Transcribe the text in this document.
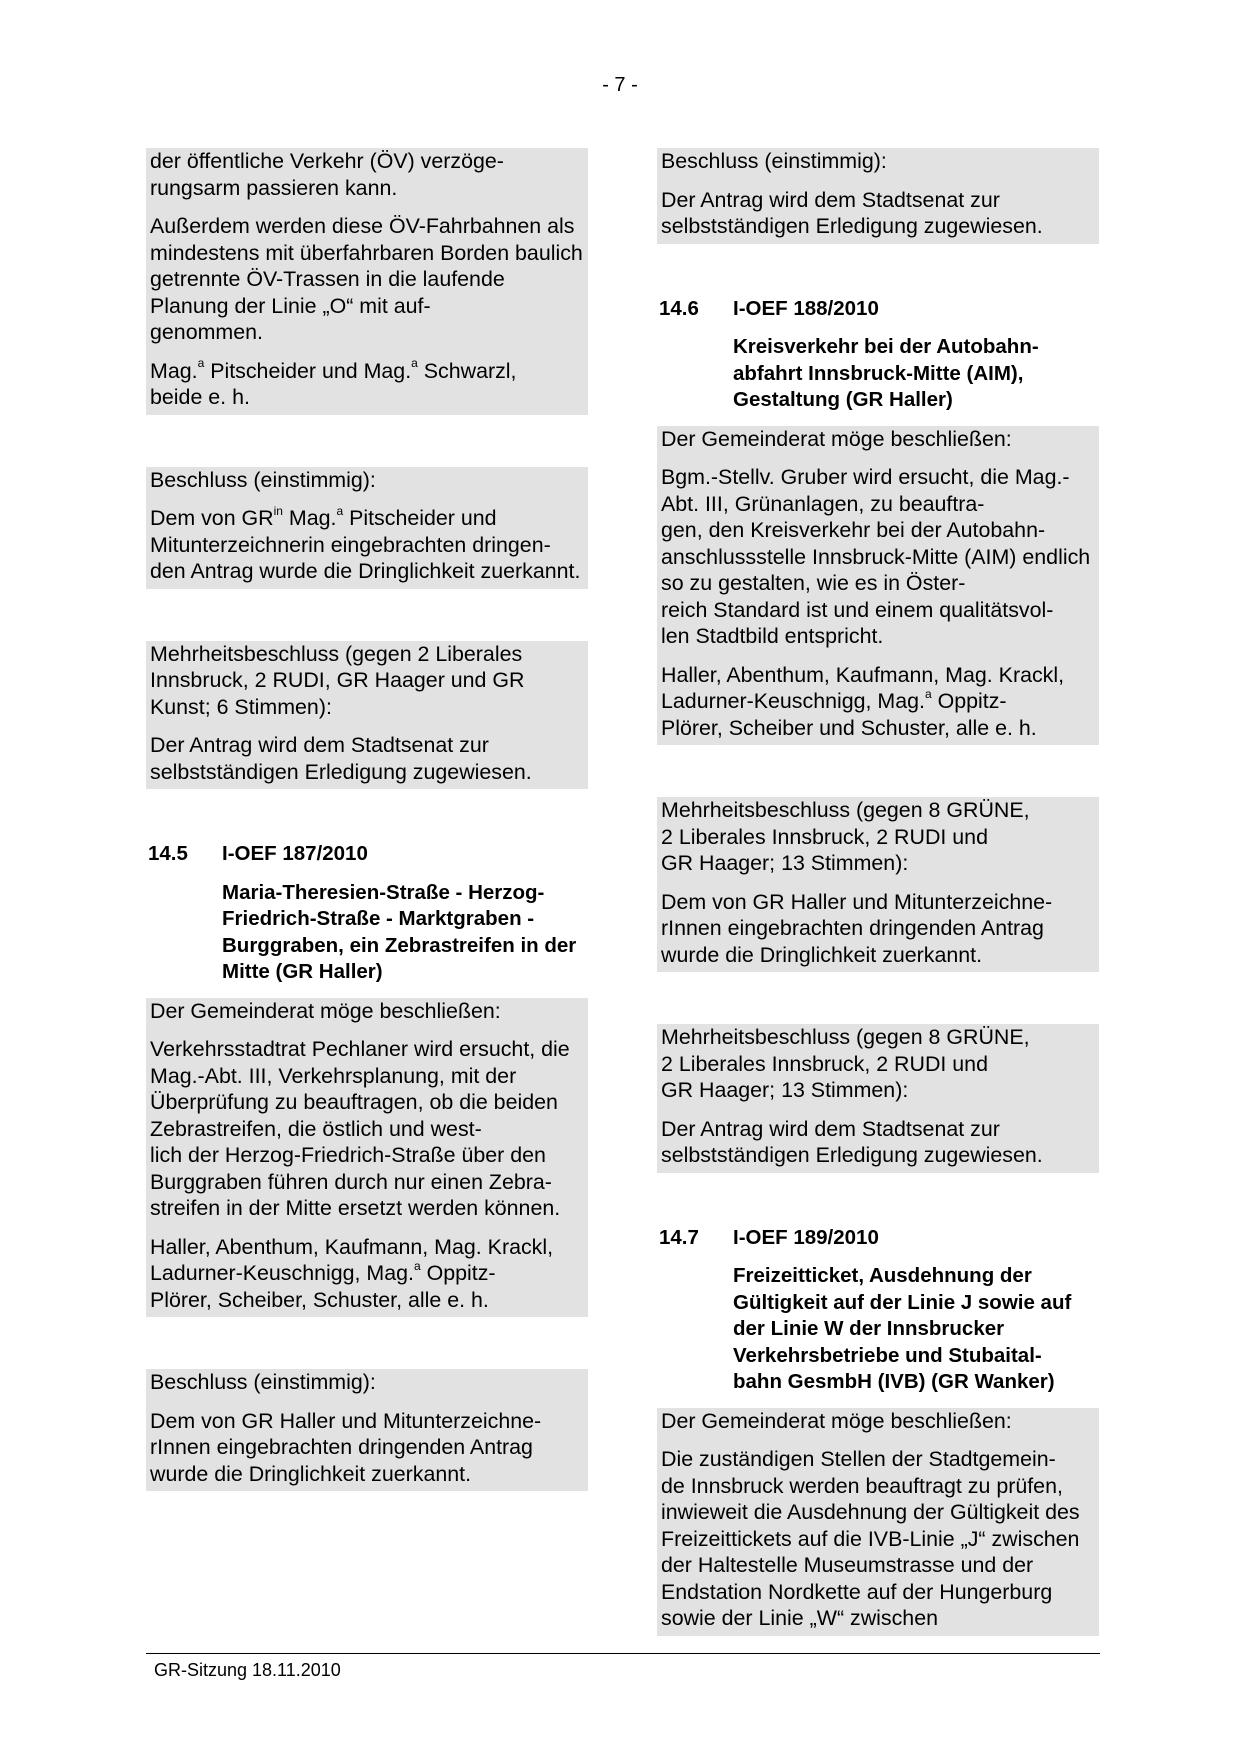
- 7 -

der öffentliche Verkehr (ÖV) verzöge-
rungsarm passieren kann.

Außerdem werden diese ÖV-Fahrbahnen als mindestens mit überfahrbaren Borden baulich getrennte ÖV-Trassen in die laufende Planung der Linie „O“ mit auf-
genommen.

Mag.$^a$ Pitscheider und Mag.$^a$ Schwarzl,
beide e. h.

Beschluss (einstimmig):

Dem von $GR^{in}$ Mag.$^a$ Pitscheider und Mitunterzeichnerin eingebrachten dringen-
den Antrag wurde die Dringlichkeit zuerkannt.

Mehrheitsbeschluss (gegen 2 Liberales Innsbruck, 2 RUDI, GR Haager und GR Kunst; 6 Stimmen):

Der Antrag wird dem Stadtsenat zur selbstständigen Erledigung zugewiesen.

14.5 I-OEF 187/2010
Maria-Theresien-Straße - Herzog-Friedrich-Straße - Marktgraben - Burggraben, ein Zebrastreifen in der Mitte (GR Haller)

Der Gemeinderat möge beschließen:

Verkehrsstadtrat Pechlaner wird ersucht, die Mag.-Abt. III, Verkehrsplanung, mit der Überprüfung zu beauftragen, ob die beiden Zebrastreifen, die östlich und west-
lich der Herzog-Friedrich-Straße über den Burggraben führen durch nur einen Zebra-
streifen in der Mitte ersetzt werden können.

Haller, Abenthum, Kaufmann, Mag. Krackl, Ladurner-Keuschnigg, Mag.$^a$ Oppitz-
Plörer, Scheiber, Schuster, alle e. h.

Beschluss (einstimmig):

Dem von GR Haller und Mitunterzeichne-
rInnen eingebrachten dringenden Antrag wurde die Dringlichkeit zuerkannt.

Beschluss (einstimmig):

Der Antrag wird dem Stadtsenat zur selbstständigen Erledigung zugewiesen.

14.6 I-OEF 188/2010
Kreisverkehr bei der Autobahn-
abfahrt Innsbruck-Mitte (AIM), Gestaltung (GR Haller)

Der Gemeinderat möge beschließen:

Bgm.-Stellv. Gruber wird ersucht, die Mag.-Abt. III, Grünanlagen, zu beauftra-
gen, den Kreisverkehr bei der Autobahn-
anschlussstelle Innsbruck-Mitte (AIM) endlich so zu gestalten, wie es in Öster-
reich Standard ist und einem qualitätsvol-
len Stadtbild entspricht.

Haller, Abenthum, Kaufmann, Mag. Krackl, Ladurner-Keuschnigg, Mag.$^a$ Oppitz-
Plörer, Scheiber und Schuster, alle e. h.

Mehrheitsbeschluss (gegen 8 GRÜNE,
2 Liberales Innsbruck, 2 RUDI und
GR Haager; 13 Stimmen):

Dem von GR Haller und Mitunterzeichne-
rInnen eingebrachten dringenden Antrag wurde die Dringlichkeit zuerkannt.

Mehrheitsbeschluss (gegen 8 GRÜNE,
2 Liberales Innsbruck, 2 RUDI und
GR Haager; 13 Stimmen):

Der Antrag wird dem Stadtsenat zur selbstständigen Erledigung zugewiesen.

14.7 I-OEF 189/2010
Freizeitticket, Ausdehnung der Gültigkeit auf der Linie J sowie auf der Linie W der Innsbrucker Verkehrsbetriebe und Stubaital-
bahn GesmbH (IVB) (GR Wanker)

Der Gemeinderat möge beschließen:

Die zuständigen Stellen der Stadtgemein-
de Innsbruck werden beauftragt zu prüfen, inwieweit die Ausdehnung der Gültigkeit des Freizeittickets auf die IVB-Linie „J“ zwischen der Haltestelle Museumstrasse und der Endstation Nordkette auf der Hungerburg sowie der Linie „W“ zwischen

GR-Sitzung 18.11.2010
